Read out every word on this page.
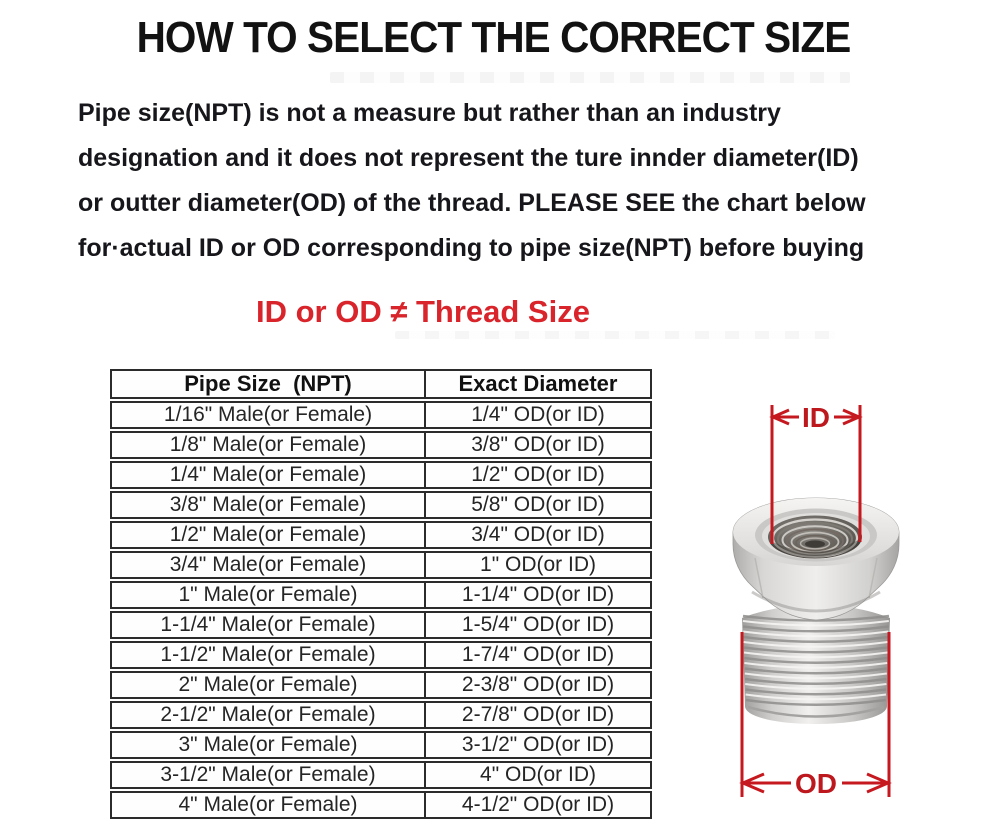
HOW TO SELECT THE CORRECT SIZE
Pipe size(NPT) is not a measure but rather than an industry
designation and it does not represent the ture innder diameter(ID)
or outter diameter(OD) of the thread. PLEASE SEE the chart below
for·actual ID or OD corresponding to pipe size(NPT) before buying
ID or OD ≠ Thread Size
Pipe Size  (NPT)	Exact Diameter
1/16" Male(or Female)	1/4" OD(or ID)
1/8" Male(or Female)	3/8" OD(or ID)
1/4" Male(or Female)	1/2" OD(or ID)
3/8" Male(or Female)	5/8" OD(or ID)
1/2" Male(or Female)	3/4" OD(or ID)
3/4" Male(or Female)	1" OD(or ID)
1" Male(or Female)	1-1/4" OD(or ID)
1-1/4" Male(or Female)	1-5/4" OD(or ID)
1-1/2" Male(or Female)	1-7/4" OD(or ID)
2" Male(or Female)	2-3/8" OD(or ID)
2-1/2" Male(or Female)	2-7/8" OD(or ID)
3" Male(or Female)	3-1/2" OD(or ID)
3-1/2" Male(or Female)	4" OD(or ID)
4" Male(or Female)	4-1/2" OD(or ID)
ID
OD
